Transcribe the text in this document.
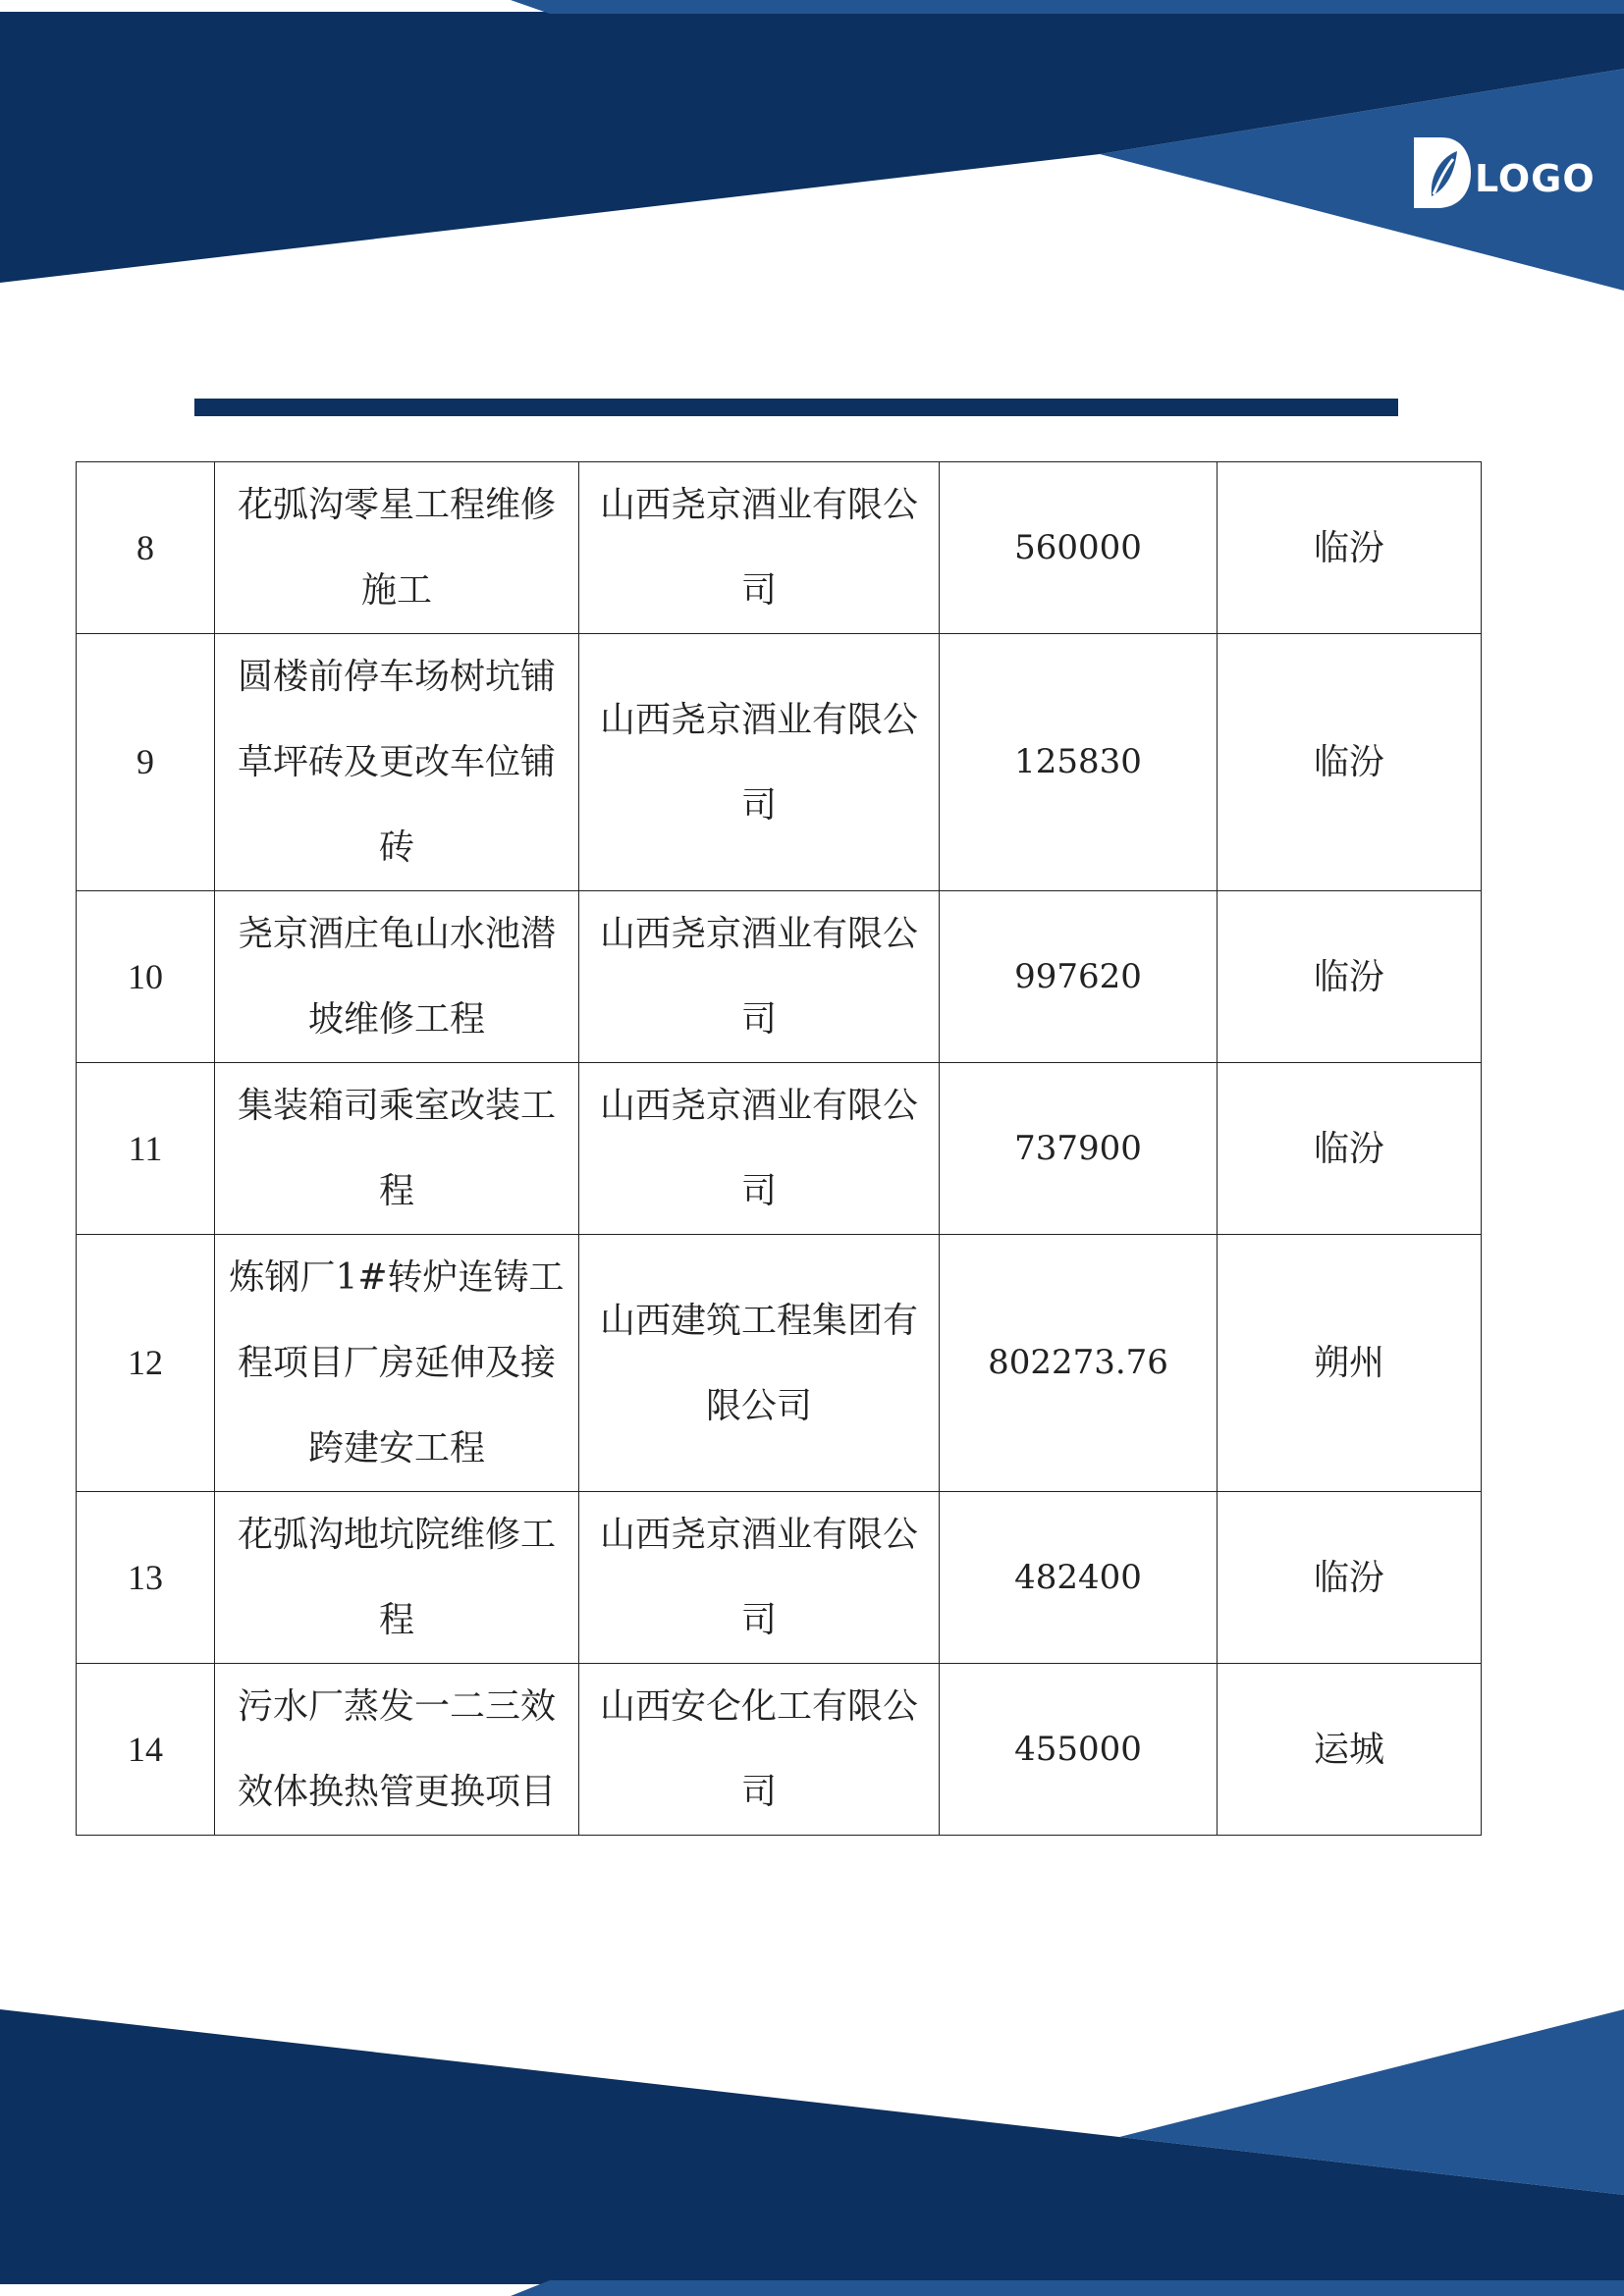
LOGO
8	花弧沟零星工程维修施工	山西尧京酒业有限公司	560000	临汾
9	圆楼前停车场树坑铺草坪砖及更改车位铺砖	山西尧京酒业有限公司	125830	临汾
10	尧京酒庄龟山水池潜坡维修工程	山西尧京酒业有限公司	997620	临汾
11	集装箱司乘室改装工程	山西尧京酒业有限公司	737900	临汾
12	炼钢厂1#转炉连铸工程项目厂房延伸及接跨建安工程	山西建筑工程集团有限公司	802273.76	朔州
13	花弧沟地坑院维修工程	山西尧京酒业有限公司	482400	临汾
14	污水厂蒸发一二三效效体换热管更换项目	山西安仑化工有限公司	455000	运城
